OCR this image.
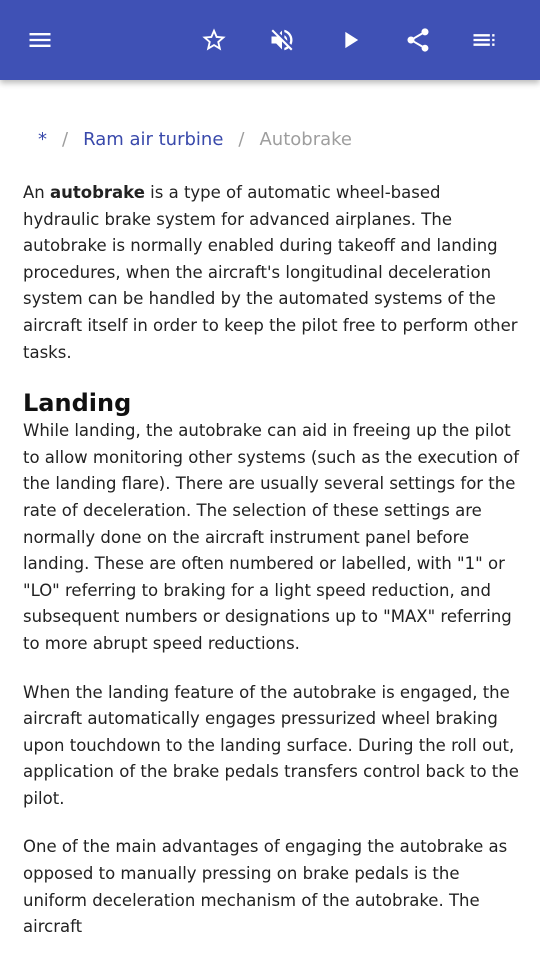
* / Ram air turbine / Autobrake

An autobrake is a type of automatic wheel-based hydraulic brake system for advanced airplanes. The autobrake is normally enabled during takeoff and landing procedures, when the aircraft's longitudinal deceleration system can be handled by the automated systems of the aircraft itself in order to keep the pilot free to perform other tasks.

Landing

While landing, the autobrake can aid in freeing up the pilot to allow monitoring other systems (such as the execution of the landing flare). There are usually several settings for the rate of deceleration. The selection of these settings are normally done on the aircraft instrument panel before landing. These are often numbered or labelled, with "1" or "LO" referring to braking for a light speed reduction, and subsequent numbers or designations up to "MAX" referring to more abrupt speed reductions.

When the landing feature of the autobrake is engaged, the aircraft automatically engages pressurized wheel braking upon touchdown to the landing surface. During the roll out, application of the brake pedals transfers control back to the pilot.

One of the main advantages of engaging the autobrake as opposed to manually pressing on brake pedals is the uniform deceleration mechanism of the autobrake. The aircraft
